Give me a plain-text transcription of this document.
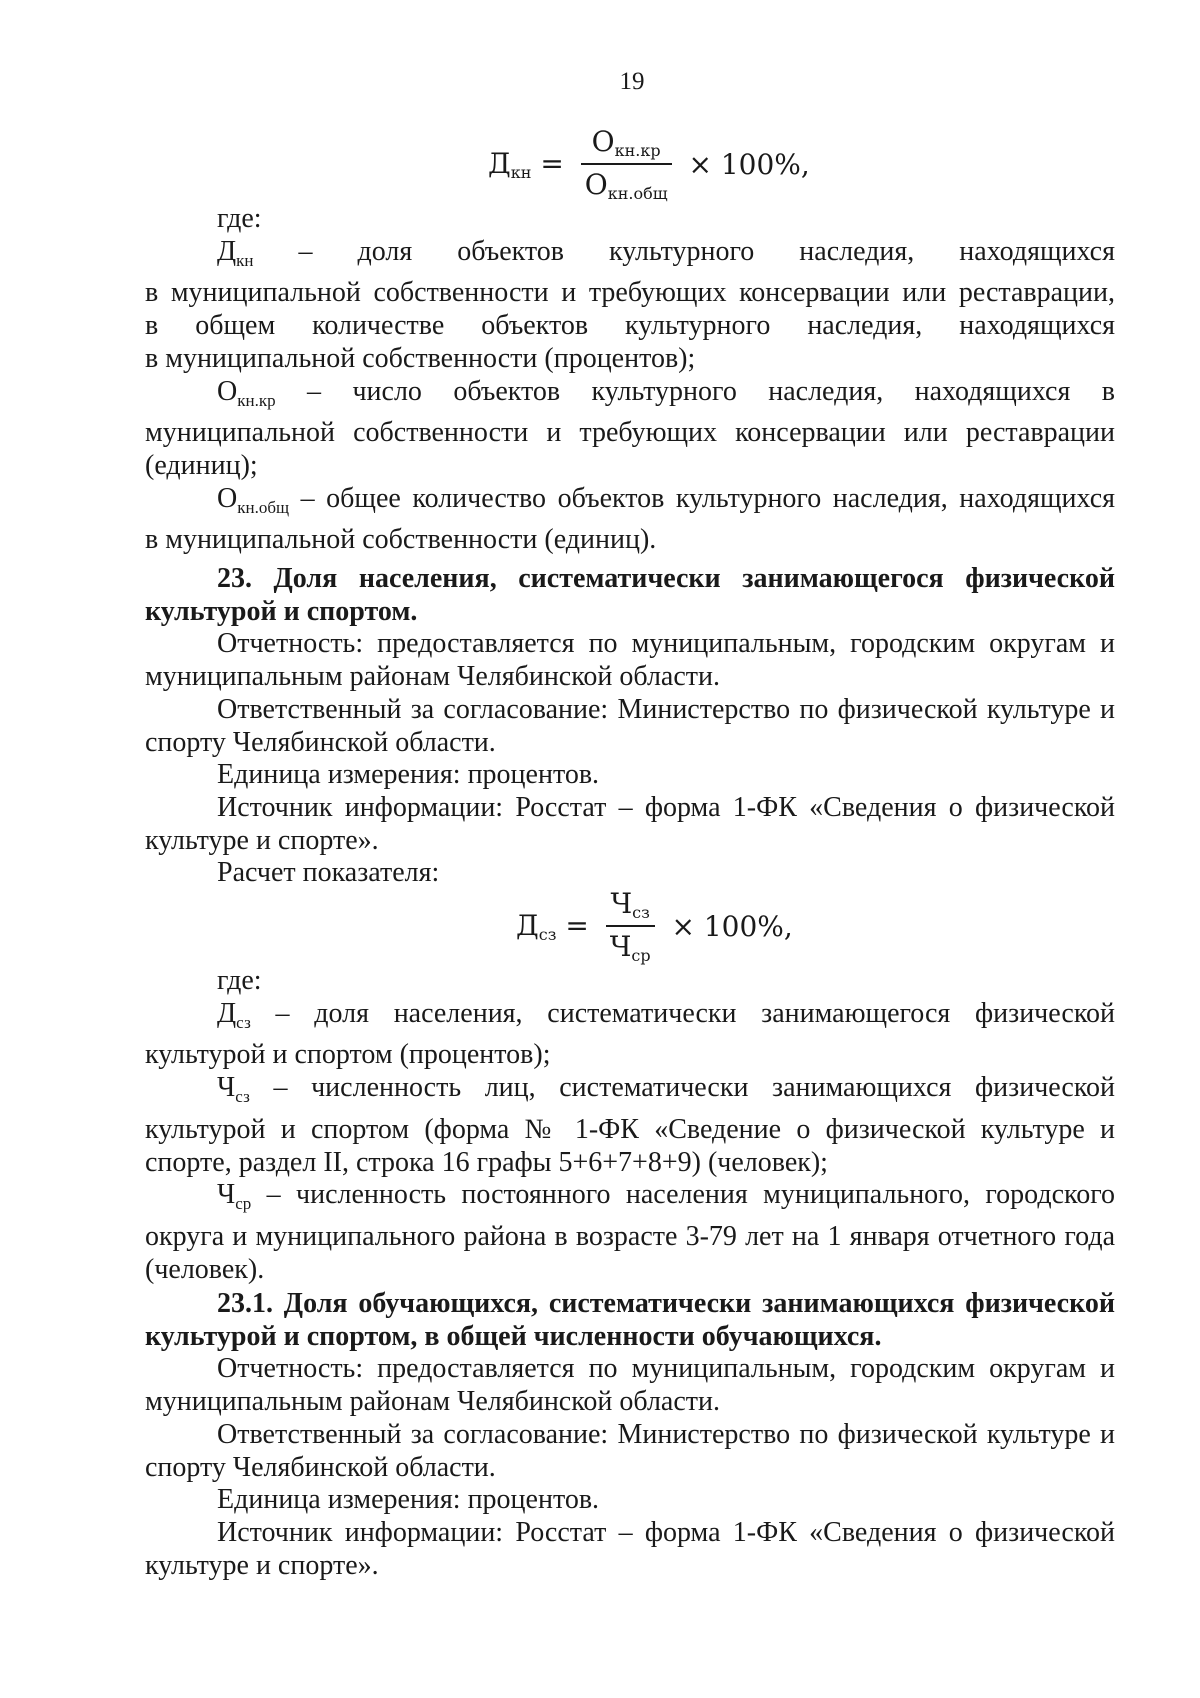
19
Дкн = $\frac{\text{Окн.кр}}{\text{Окн.общ}} \times 100\%$,

где:

$Д_{кн}$ – доля объектов культурного наследия, находящихся

в муниципальной собственности и требующих консервации или реставрации,

в общем количестве объектов культурного наследия, находящихся

в муниципальной собственности (процентов);

$О_{кн.кр}$ – число объектов культурного наследия, находящихся в

муниципальной собственности и требующих консервации или реставрации

(единиц);

$О_{кн.общ}$ – общее количество объектов культурного наследия, находящихся

в муниципальной собственности (единиц).

23. Доля населения, систематически занимающегося физической

культурой и спортом.

Отчетность: предоставляется по муниципальным, городским округам и

муниципальным районам Челябинской области.

Ответственный за согласование: Министерство по физической культуре и

спорту Челябинской области.

Единица измерения: процентов.

Источник информации: Росстат – форма 1-ФК «Сведения о физической

культуре и спорте».

Расчет показателя:

Дсз = $\frac{\text{Чсз}}{\text{Чср}} \times 100\%$,

где:

$Д_{сз}$ – доля населения, систематически занимающегося физической

культурой и спортом (процентов);

$Ч_{сз}$ – численность лиц, систематически занимающихся физической

культурой и спортом (форма № 1-ФК «Сведение о физической культуре и

спорте, раздел II, строка 16 графы 5+6+7+8+9) (человек);

$Ч_{ср}$ – численность постоянного населения муниципального, городского

округа и муниципального района в возрасте 3-79 лет на 1 января отчетного года

(человек).

23.1. Доля обучающихся, систематически занимающихся физической

культурой и спортом, в общей численности обучающихся.

Отчетность: предоставляется по муниципальным, городским округам и

муниципальным районам Челябинской области.

Ответственный за согласование: Министерство по физической культуре и

спорту Челябинской области.

Единица измерения: процентов.

Источник информации: Росстат – форма 1-ФК «Сведения о физической

культуре и спорте».
